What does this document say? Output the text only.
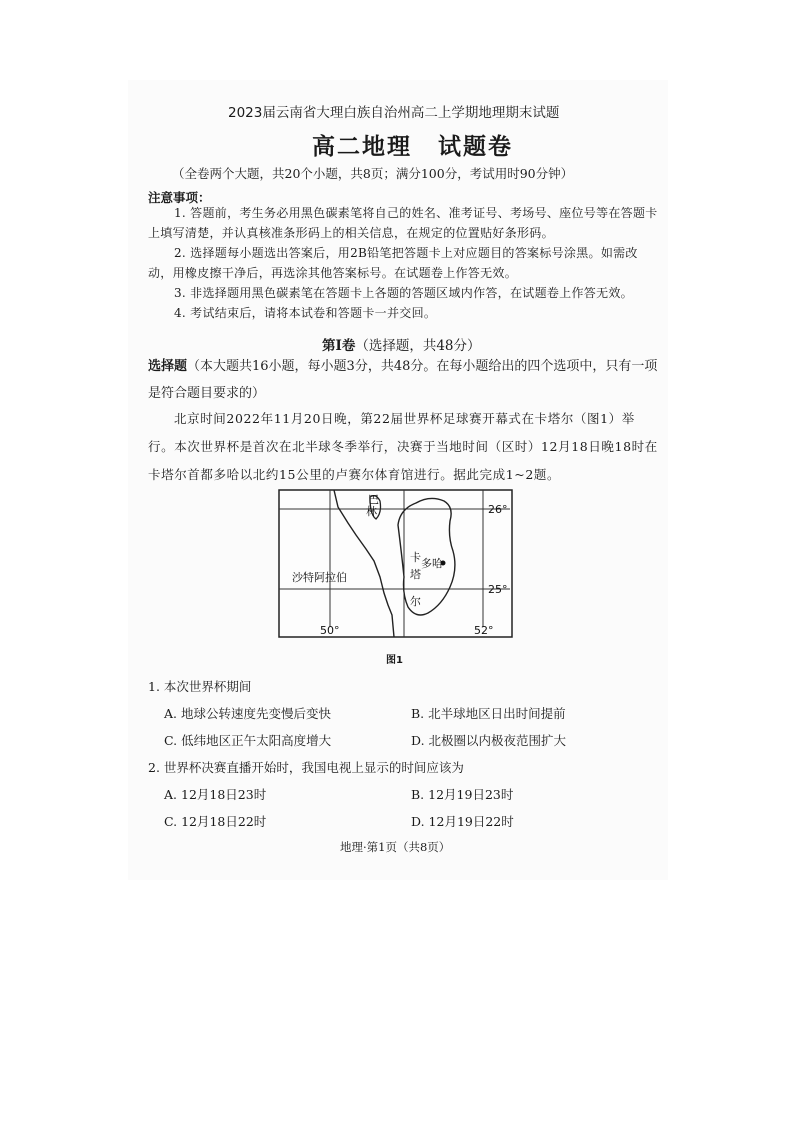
2023届云南省大理白族自治州高二上学期地理期末试题
高二地理 试题卷
（全卷两个大题，共20个小题，共8页；满分100分，考试用时90分钟）
注意事项：
1. 答题前，考生务必用黑色碳素笔将自己的姓名、准考证号、考场号、座位号等在答题卡上填写清楚，并认真核准条形码上的相关信息，在规定的位置贴好条形码。
2. 选择题每小题选出答案后，用2B铅笔把答题卡上对应题目的答案标号涂黑。如需改动，用橡皮擦干净后，再选涂其他答案标号。在试题卷上作答无效。
3. 非选择题用黑色碳素笔在答题卡上各题的答题区域内作答，在试题卷上作答无效。
4. 考试结束后，请将本试卷和答题卡一并交回。
第Ⅰ卷（选择题，共48分）
选择题（本大题共16小题，每小题3分，共48分。在每小题给出的四个选项中，只有一项是符合题目要求的）
北京时间2022年11月20日晚，第22届世界杯足球赛开幕式在卡塔尔（图1）举行。本次世界杯是首次在北半球冬季举行，决赛于当地时间（区时）12月18日晚18时在卡塔尔首都多哈以北约15公里的卢赛尔体育馆进行。据此完成1~2题。
巴
林
卡
塔
尔
多哈
沙特阿拉伯
26°
25°
50°	52°
图1
1. 本次世界杯期间
A. 地球公转速度先变慢后变快	B. 北半球地区日出时间提前
C. 低纬地区正午太阳高度增大	D. 北极圈以内极夜范围扩大
2. 世界杯决赛直播开始时，我国电视上显示的时间应该为
A. 12月18日23时	B. 12月19日23时
C. 12月18日22时	D. 12月19日22时
地理·第1页（共8页）
